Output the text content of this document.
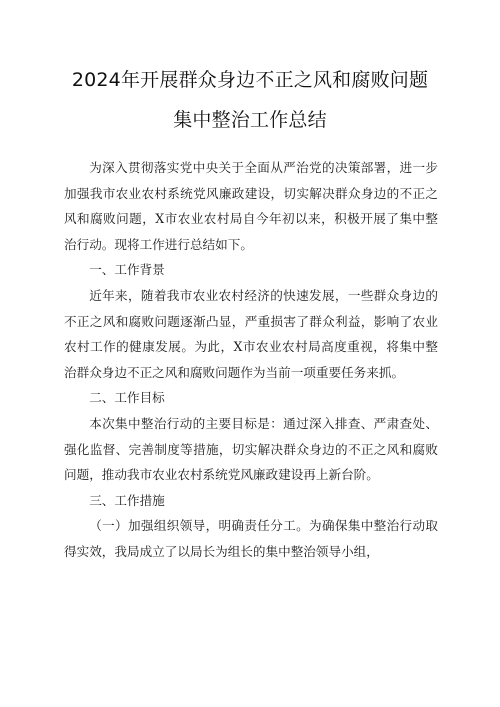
2024年开展群众身边不正之风和腐败问题
集中整治工作总结

为深入贯彻落实党中央关于全面从严治党的决策部署，进一步加强我市农业农村系统党风廉政建设，切实解决群众身边的不正之风和腐败问题，X市农业农村局自今年初以来，积极开展了集中整治行动。现将工作进行总结如下。

一、工作背景

近年来，随着我市农业农村经济的快速发展，一些群众身边的不正之风和腐败问题逐渐凸显，严重损害了群众利益，影响了农业农村工作的健康发展。为此，X市农业农村局高度重视，将集中整治群众身边不正之风和腐败问题作为当前一项重要任务来抓。

二、工作目标

本次集中整治行动的主要目标是：通过深入排查、严肃查处、强化监督、完善制度等措施，切实解决群众身边的不正之风和腐败问题，推动我市农业农村系统党风廉政建设再上新台阶。

三、工作措施

（一）加强组织领导，明确责任分工。为确保集中整治行动取得实效，我局成立了以局长为组长的集中整治领导小组，
